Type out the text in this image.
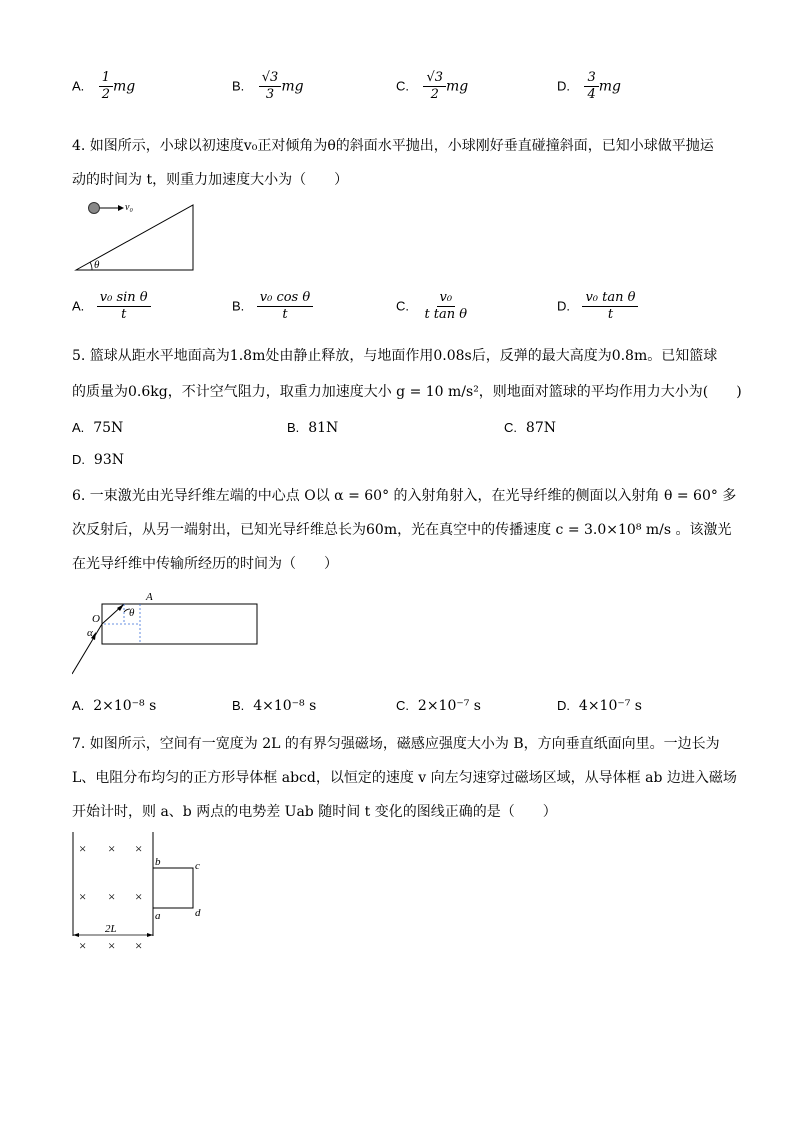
A. $\frac{1}{2}$ mg	B. $\frac{√3}{3}$ mg	C. $\frac{√3}{2}$ mg	D. $\frac{3}{4}$ mg
4. 如图所示，小球以初速度v₀正对倾角为θ的斜面水平抛出，小球刚好垂直碰撞斜面，已知小球做平抛运
动的时间为 t，则重力加速度大小为（　　）
v₀
θ
A. $\frac{\text{v₀ sin θ}}{t}$	B. $\frac{\text{v₀ cos θ}}{t}$	C. $\frac{\text{v₀}}{\text{t tan θ}}$	D. $\frac{\text{v₀ tan θ}}{t}$
5. 篮球从距水平地面高为1.8m处由静止释放，与地面作用0.08s后，反弹的最大高度为0.8m。已知篮球
的质量为0.6kg，不计空气阻力，取重力加速度大小 g = 10 m/s²，则地面对篮球的平均作用力大小为(　　)
A. 75N	B. 81N	C. 87N
D. 93N
6. 一束激光由光导纤维左端的中心点 O以 α = 60° 的入射角射入，在光导纤维的侧面以入射角 θ = 60° 多
次反射后，从另一端射出，已知光导纤维总长为60m，光在真空中的传播速度 c = 3.0×10⁸ m/s 。该激光
在光导纤维中传输所经历的时间为（　　）
A
O
α
θ
A. 2×10⁻⁸ s	B. 4×10⁻⁸ s	C. 2×10⁻⁷ s	D. 4×10⁻⁷ s
7. 如图所示，空间有一宽度为 2L 的有界匀强磁场，磁感应强度大小为 B，方向垂直纸面向里。一边长为
L、电阻分布均匀的正方形导体框 abcd，以恒定的速度 v 向左匀速穿过磁场区域，从导体框 ab 边进入磁场
开始计时，则 a、b 两点的电势差 Uab 随时间 t 变化的图线正确的是（　　）
× × ×
× × ×
× × ×
2L
b	c
a	d
